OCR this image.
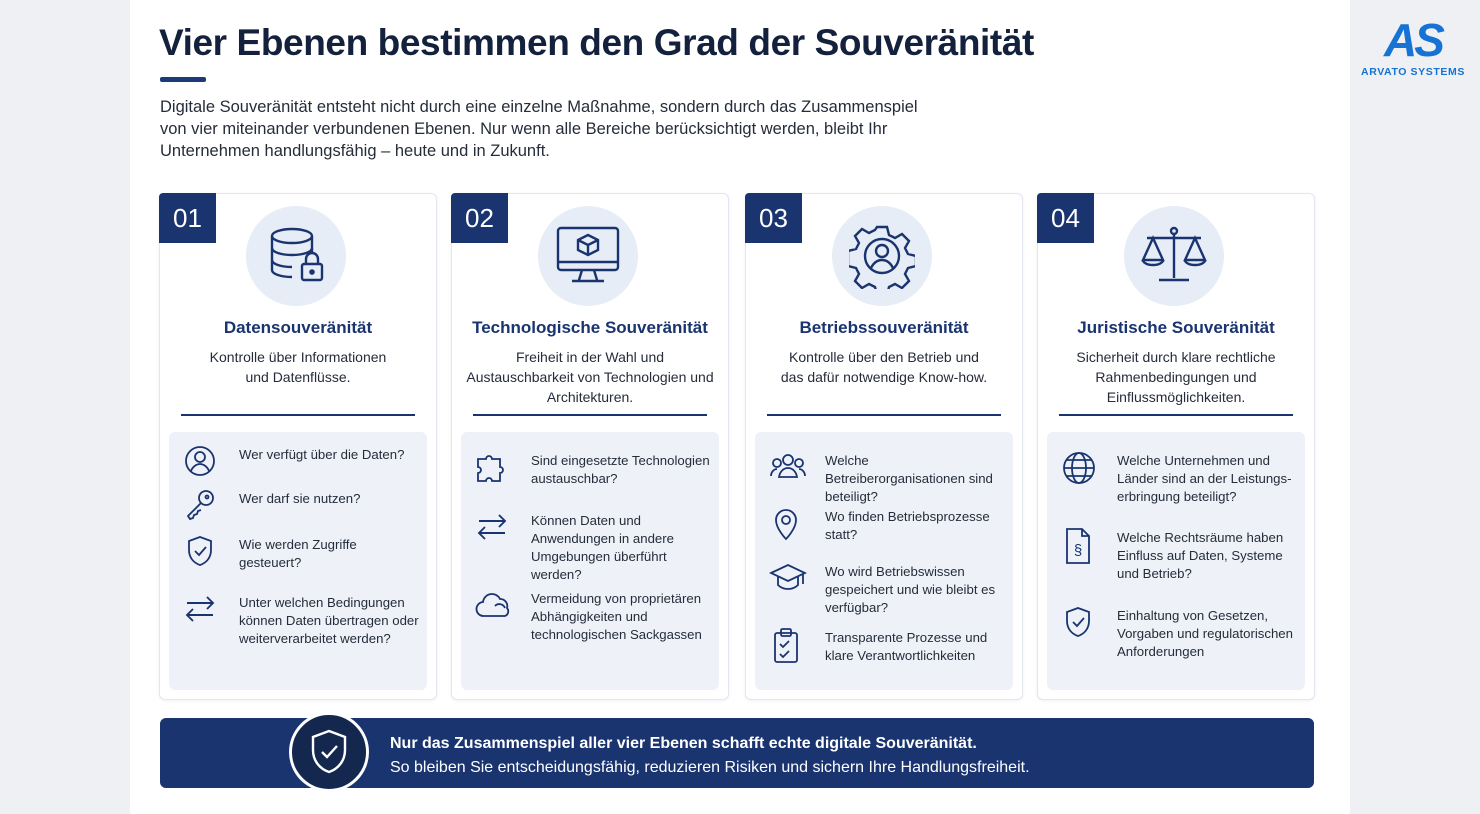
Vier Ebenen bestimmen den Grad der Souveränität

Digitale Souveränität entsteht nicht durch eine einzelne Maßnahme, sondern durch das Zusammenspiel von vier miteinander verbundenen Ebenen. Nur wenn alle Bereiche berücksichtigt werden, bleibt Ihr Unternehmen handlungsfähig – heute und in Zukunft.

AS
ARVATO SYSTEMS
01
Datensouveränität
Kontrolle über Informationen und Datenflüsse.
Wer verfügt über die Daten?
Wer darf sie nutzen?
Wie werden Zugriffe gesteuert?
Unter welchen Bedingungen können Daten übertragen oder weiterverarbeitet werden?
02
Technologische Souveränität
Freiheit in der Wahl und Austauschbarkeit von Technologien und Architekturen.
Sind eingesetzte Technologien austauschbar?
Können Daten und Anwendungen in andere Umgebungen überführt werden?
Vermeidung von proprietären Abhängigkeiten und technologischen Sackgassen
03
Betriebssouveränität
Kontrolle über den Betrieb und das dafür notwendige Know-how.
Welche Betreiberorganisationen sind beteiligt?
Wo finden Betriebsprozesse statt?
Wo wird Betriebswissen gespeichert und wie bleibt es verfügbar?
Transparente Prozesse und klare Verantwortlichkeiten
04
Juristische Souveränität
Sicherheit durch klare rechtliche Rahmenbedingungen und Einflussmöglichkeiten.
Welche Unternehmen und Länder sind an der Leistungs-erbringung beteiligt?
§
Welche Rechtsräume haben Einfluss auf Daten, Systeme und Betrieb?
Einhaltung von Gesetzen, Vorgaben und regulatorischen Anforderungen
Nur das Zusammenspiel aller vier Ebenen schafft echte digitale Souveränität.
So bleiben Sie entscheidungsfähig, reduzieren Risiken und sichern Ihre Handlungsfreiheit.
